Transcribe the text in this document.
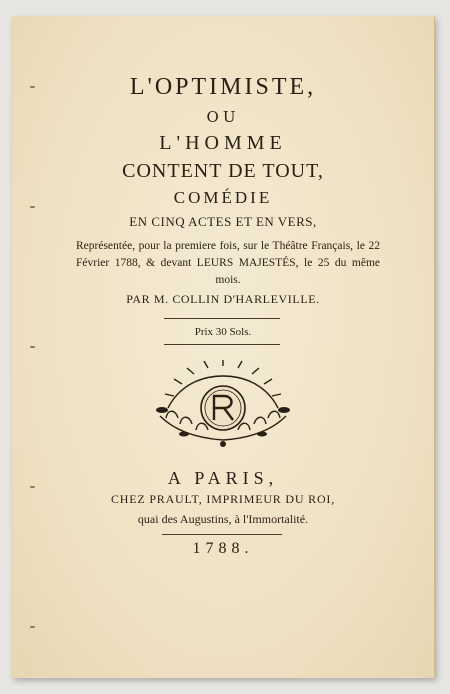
L'OPTIMISTE,
OU
L'HOMME
CONTENT DE TOUT,
COMÉDIE
EN CINQ ACTES ET EN VERS,
Représentée, pour la premiere fois, sur le Théâtre Français, le 22 Février 1788, & devant LEURS MAJESTÉS, le 25 du même mois.
PAR M. COLLIN D'HARLEVILLE.
Prix 30 Sols.
A PARIS,
CHEZ PRAULT, IMPRIMEUR DU ROI,
quai des Augustins, à l'Immortalité.
1788.
